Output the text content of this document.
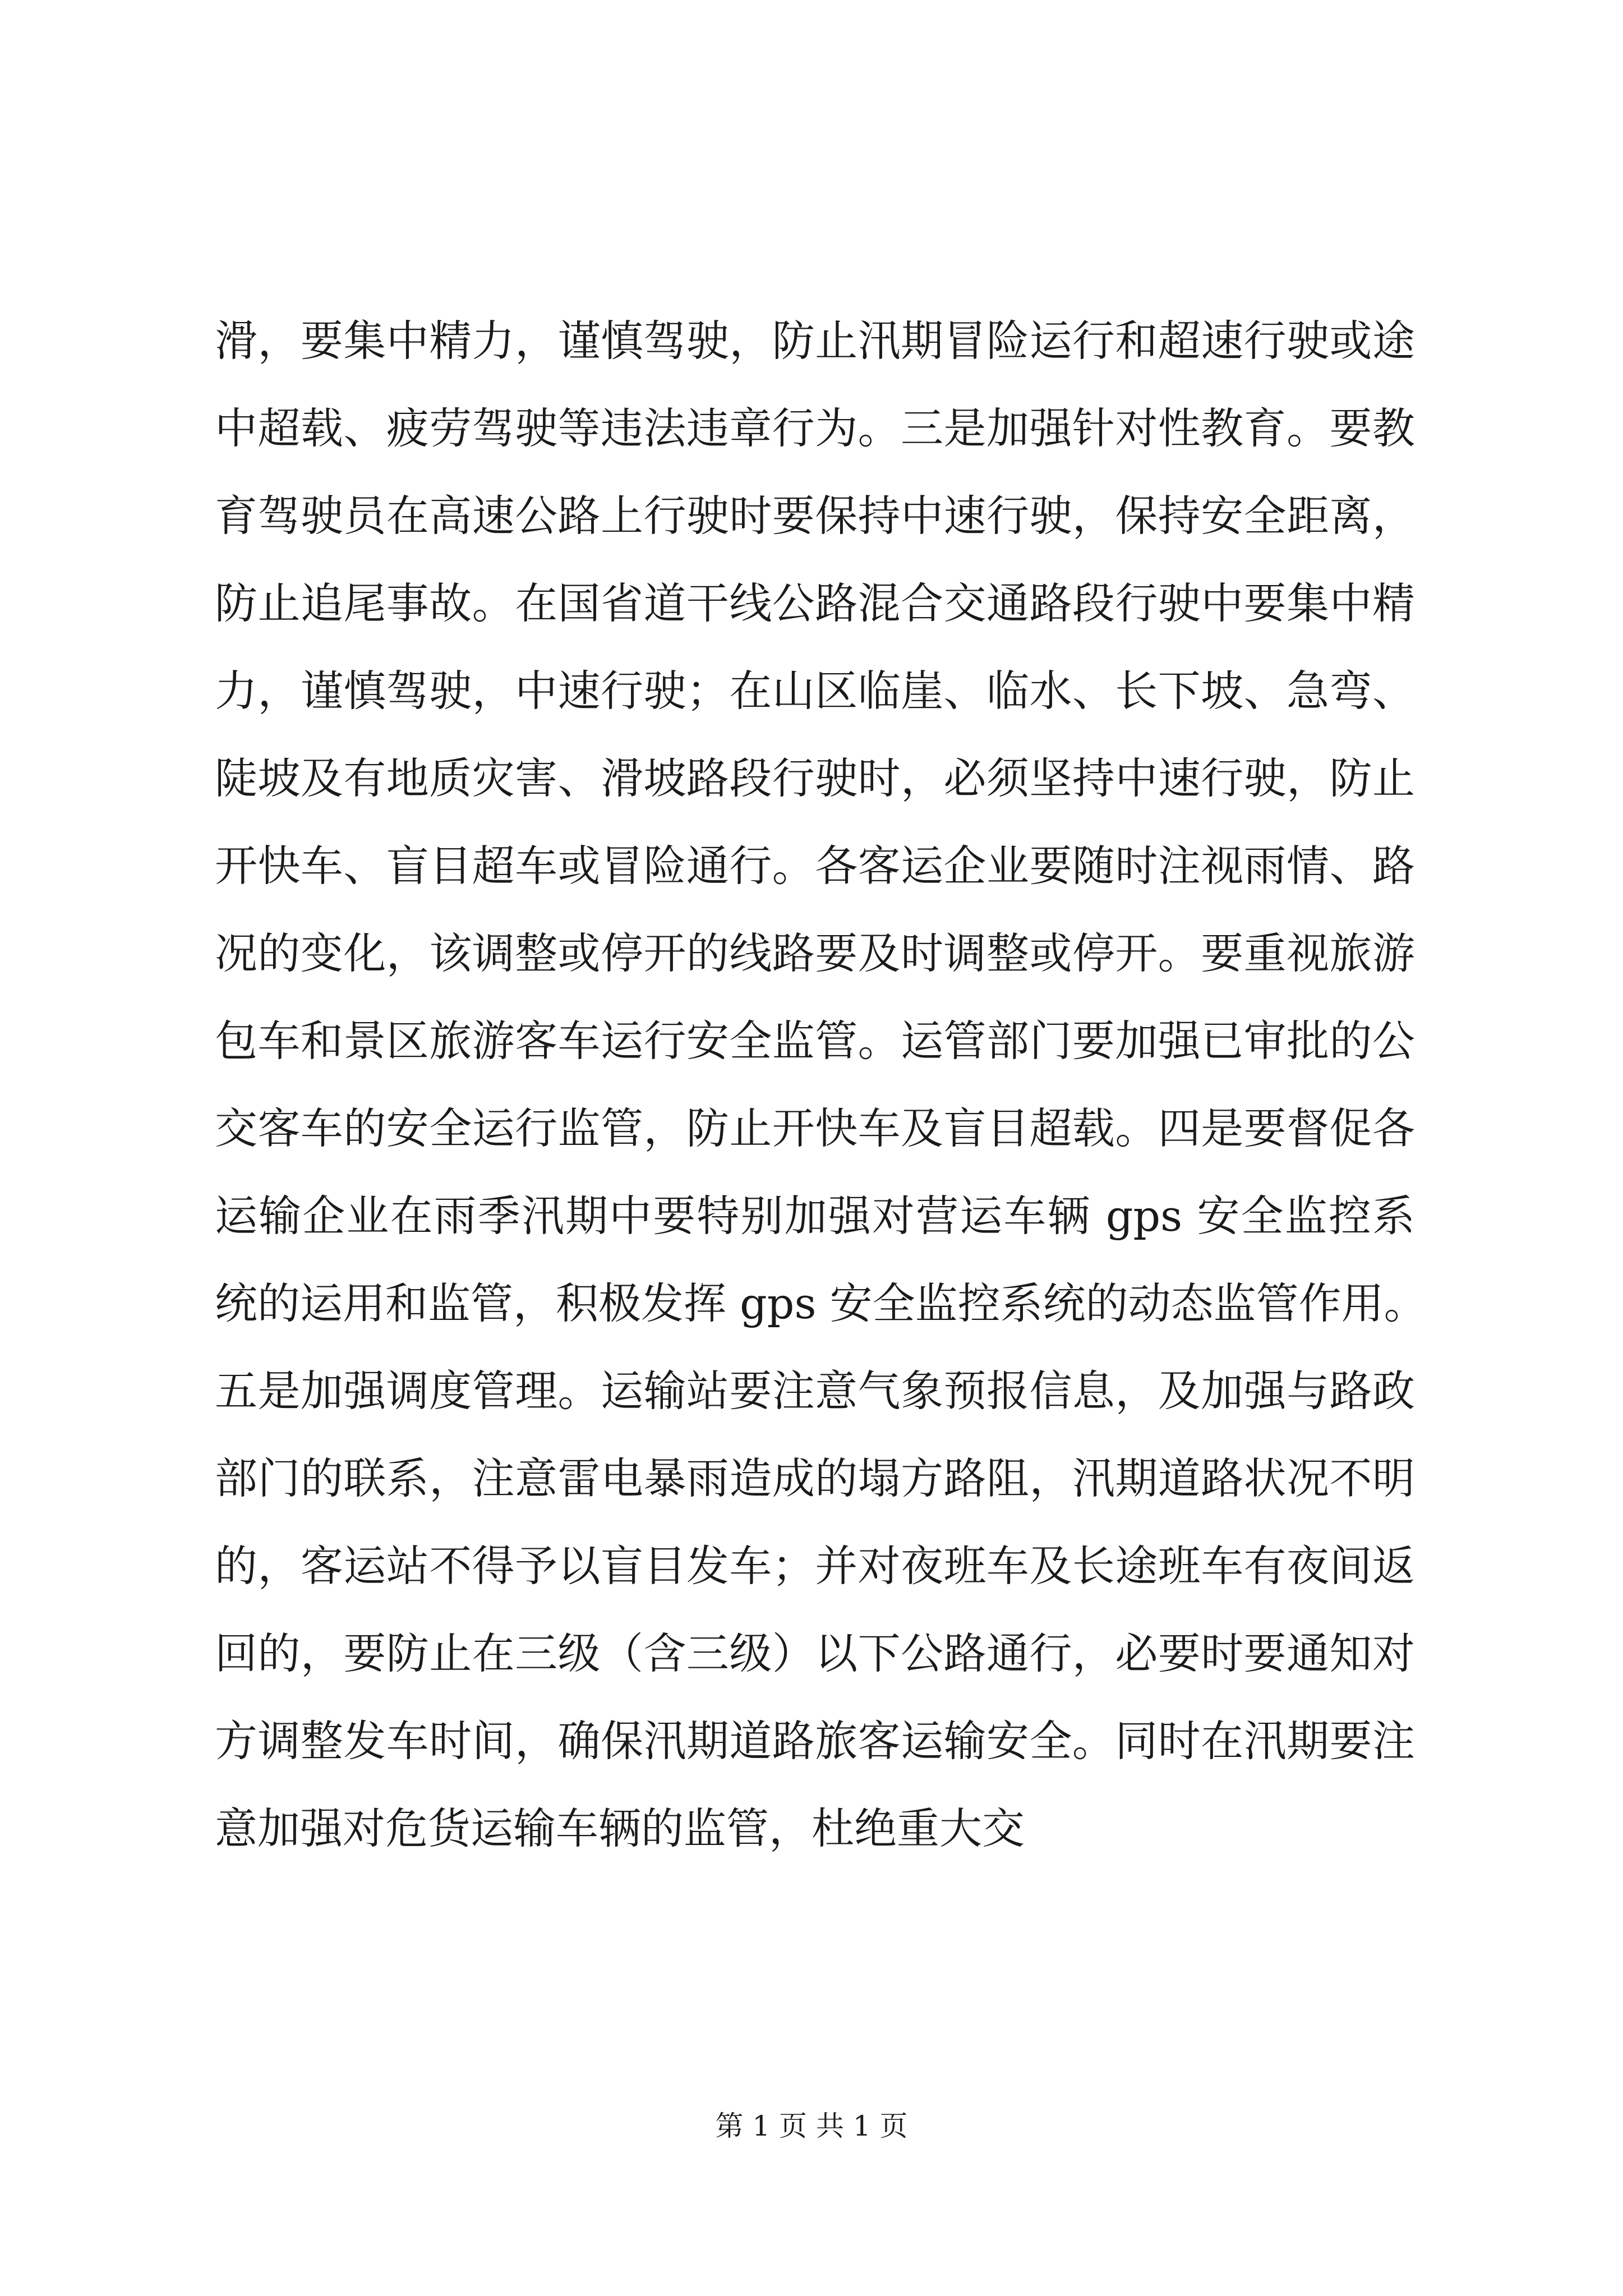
滑，要集中精力，谨慎驾驶，防止汛期冒险运行和超速行驶或途
中超载、疲劳驾驶等违法违章行为。三是加强针对性教育。要教
育驾驶员在高速公路上行驶时要保持中速行驶，保持安全距离，
防止追尾事故。在国省道干线公路混合交通路段行驶中要集中精
力，谨慎驾驶，中速行驶；在山区临崖、临水、长下坡、急弯、
陡坡及有地质灾害、滑坡路段行驶时，必须坚持中速行驶，防止
开快车、盲目超车或冒险通行。各客运企业要随时注视雨情、路
况的变化，该调整或停开的线路要及时调整或停开。要重视旅游
包车和景区旅游客车运行安全监管。运管部门要加强已审批的公
交客车的安全运行监管，防止开快车及盲目超载。四是要督促各
运输企业在雨季汛期中要特别加强对营运车辆 gps 安全监控系
统的运用和监管，积极发挥 gps 安全监控系统的动态监管作用。
五是加强调度管理。运输站要注意气象预报信息，及加强与路政
部门的联系，注意雷电暴雨造成的塌方路阻，汛期道路状况不明
的，客运站不得予以盲目发车；并对夜班车及长途班车有夜间返
回的，要防止在三级（含三级）以下公路通行，必要时要通知对
方调整发车时间，确保汛期道路旅客运输安全。同时在汛期要注
意加强对危货运输车辆的监管，杜绝重大交
第 1 页 共 1 页
